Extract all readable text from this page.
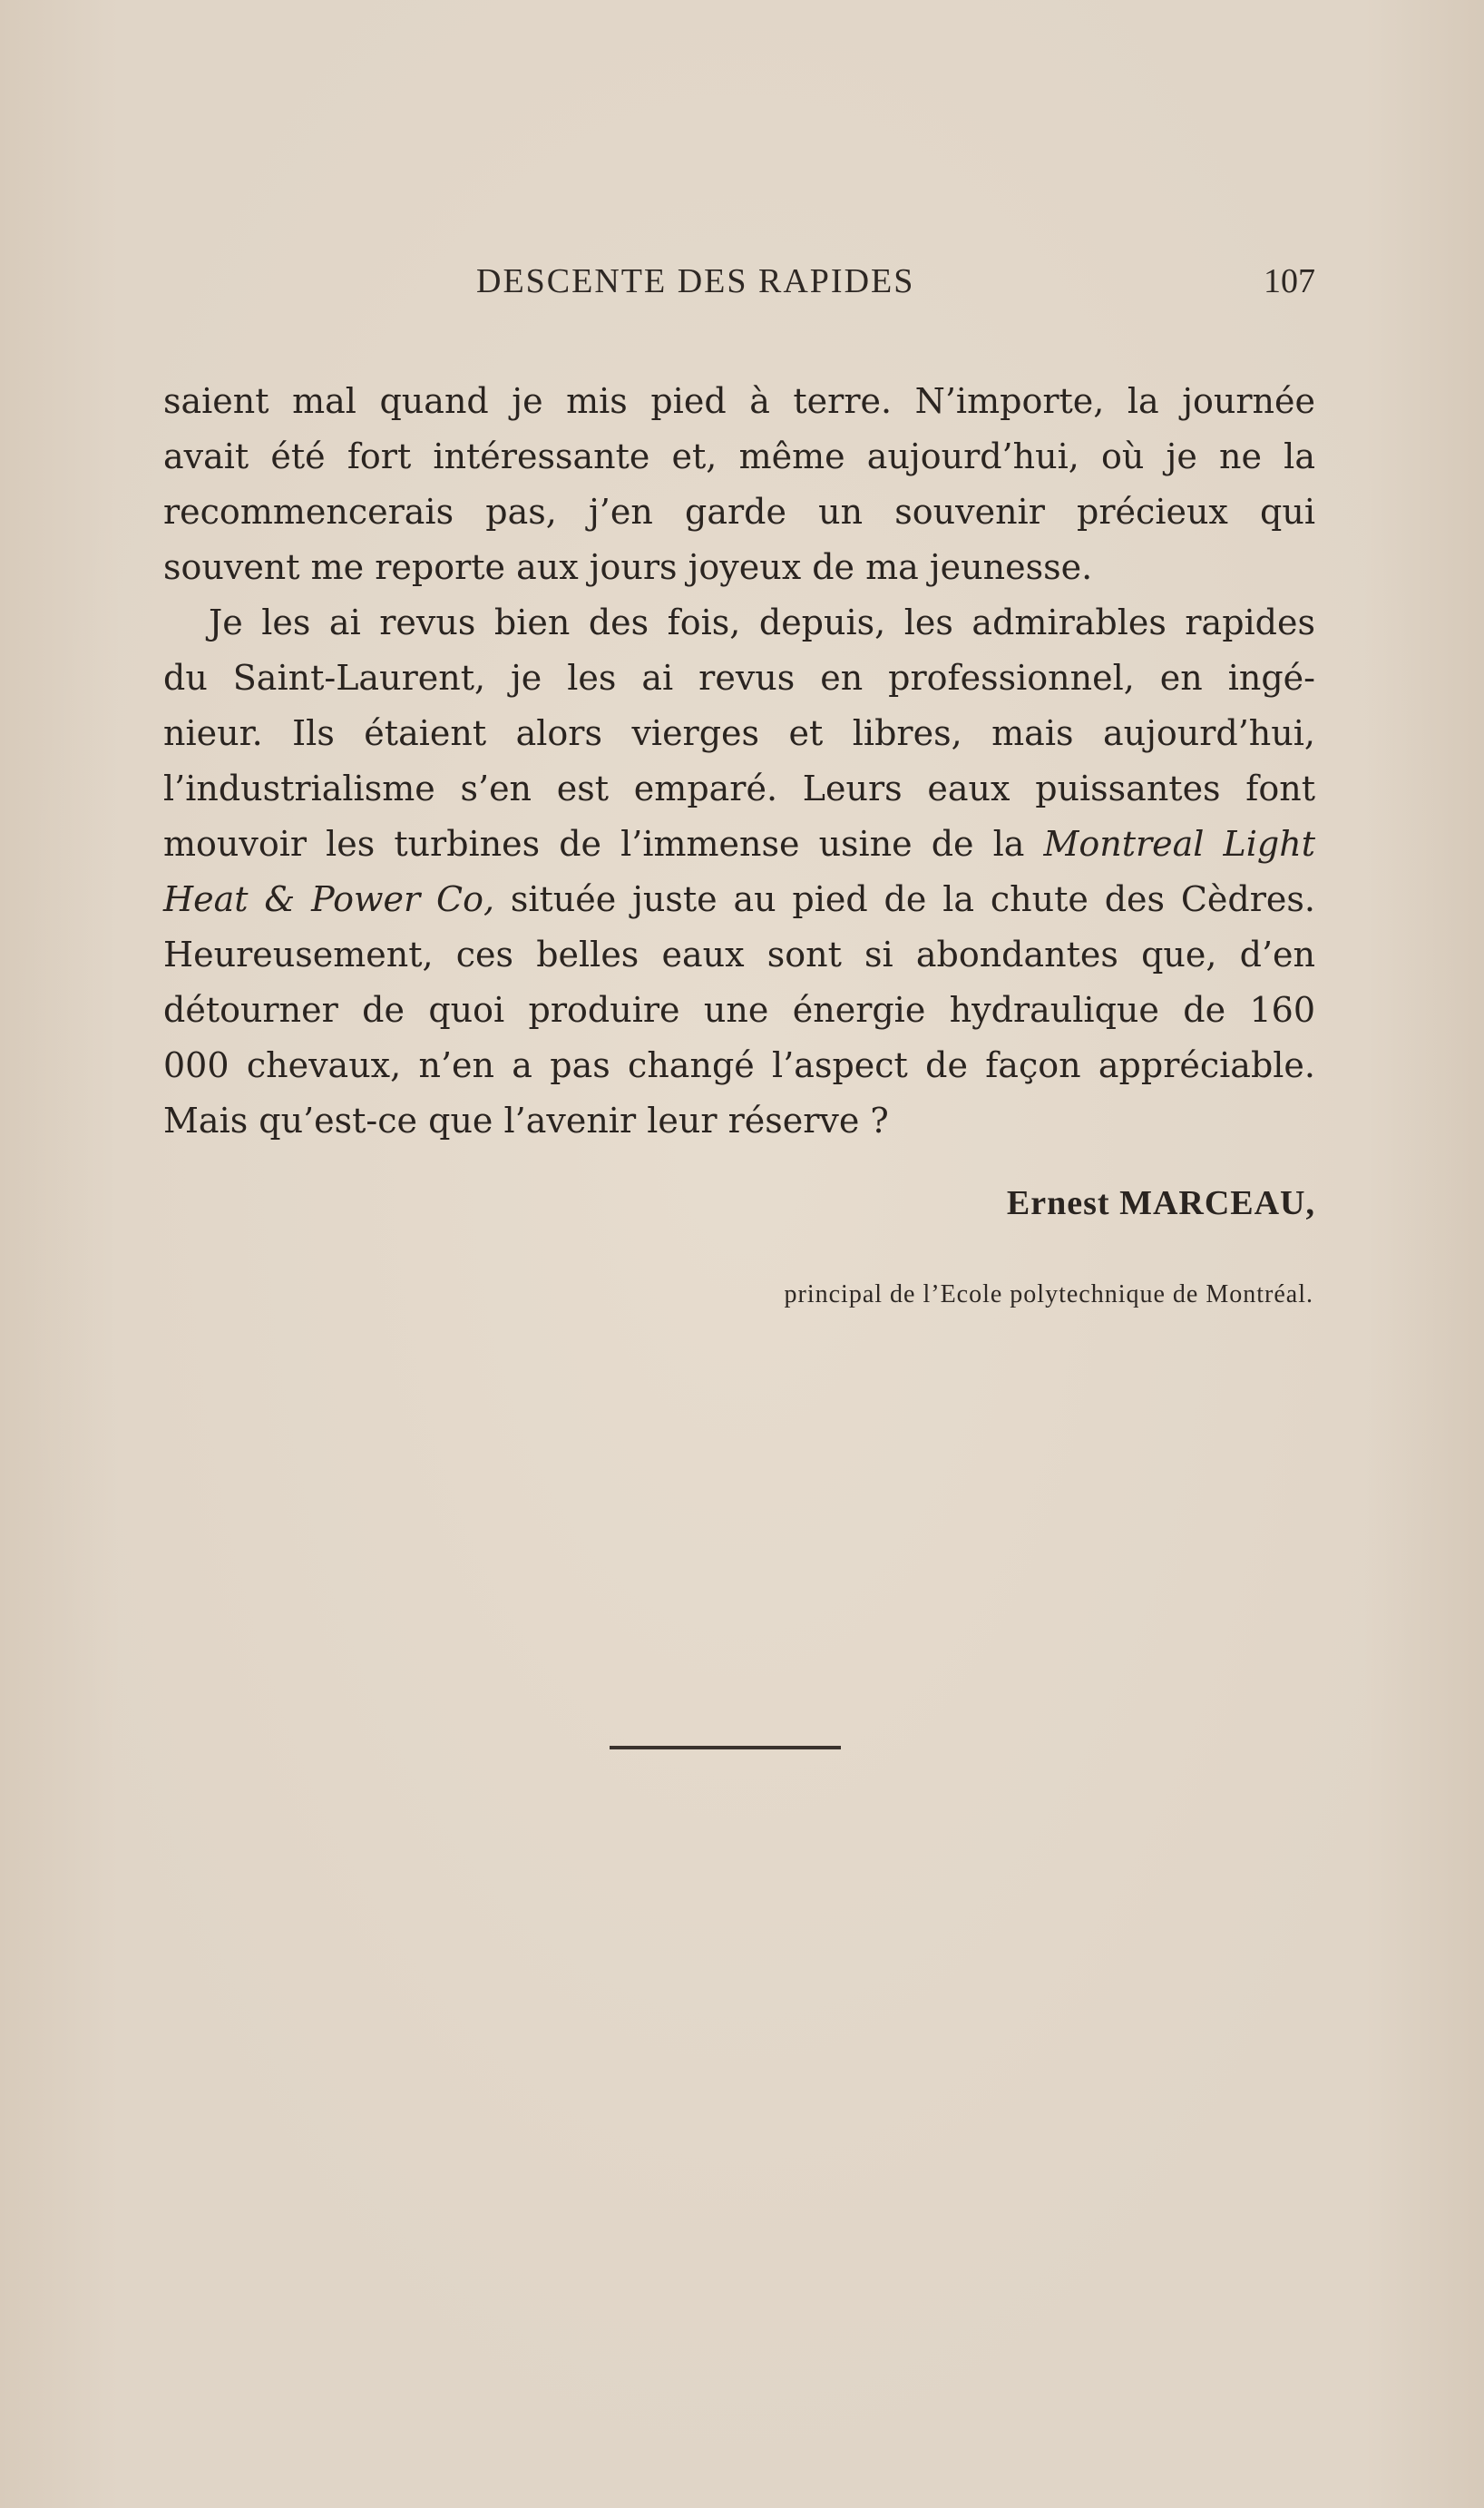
DESCENTE DES RAPIDES	107
saient mal quand je mis pied à terre. N’importe, la journée
avait été fort intéressante et, même aujourd’hui, où je ne la
recommencerais pas, j’en garde un souvenir précieux qui
souvent me reporte aux jours joyeux de ma jeunesse.
Je les ai revus bien des fois, depuis, les admirables rapides
du Saint-Laurent, je les ai revus en professionnel, en ingé-
nieur. Ils étaient alors vierges et libres, mais aujourd’hui,
l’industrialisme s’en est emparé. Leurs eaux puissantes font
mouvoir les turbines de l’immense usine de la Montreal Light
Heat & Power Co, située juste au pied de la chute des Cèdres.
Heureusement, ces belles eaux sont si abondantes que, d’en
détourner de quoi produire une énergie hydraulique de 160
000 chevaux, n’en a pas changé l’aspect de façon appréciable.
Mais qu’est-ce que l’avenir leur réserve ?
Ernest MARCEAU,
principal de l’Ecole polytechnique de Montréal.
